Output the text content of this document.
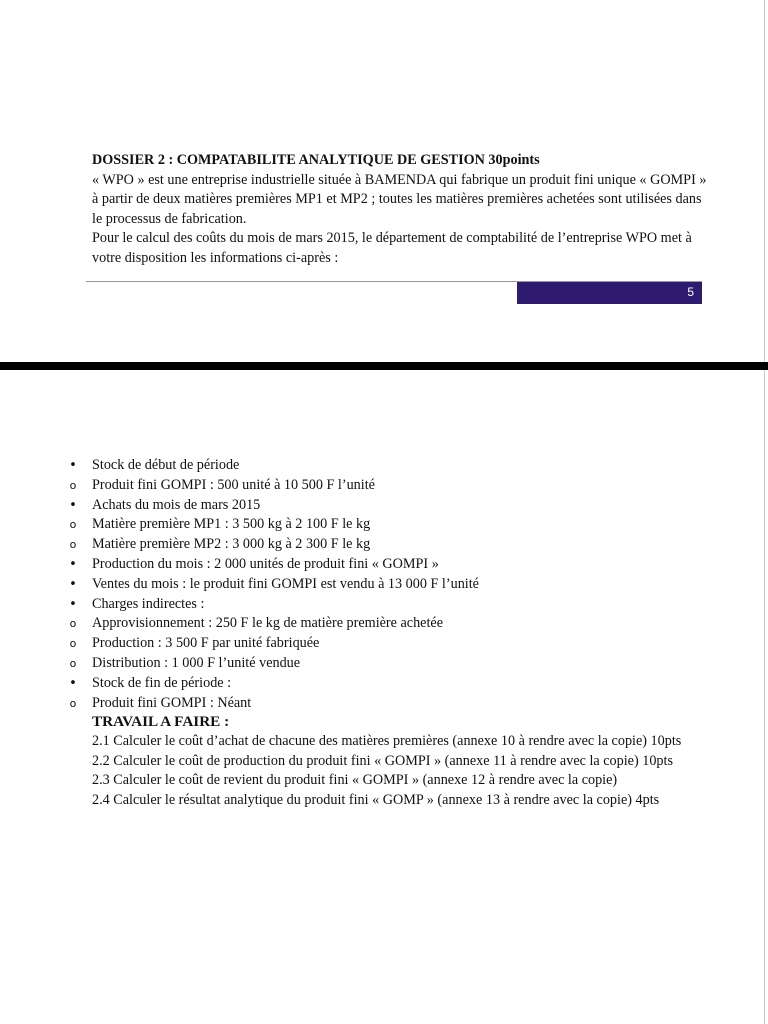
DOSSIER 2 : COMPATABILITE ANALYTIQUE DE GESTION 30points

« WPO » est une entreprise industrielle située à BAMENDA qui fabrique un produit fini unique « GOMPI » à partir de deux matières premières MP1 et MP2 ; toutes les matières premières achetées sont utilisées dans le processus de fabrication.

Pour le calcul des coûts du mois de mars 2015, le département de comptabilité de l’entreprise WPO met à votre disposition les informations ci-après :

5
• Stock de début de période
o Produit fini GOMPI : 500 unité à 10 500 F l’unité
• Achats du mois de mars 2015
o Matière première MP1 : 3 500 kg à 2 100 F le kg
o Matière première MP2 : 3 000 kg à 2 300 F le kg
• Production du mois : 2 000 unités de produit fini « GOMPI »
• Ventes du mois : le produit fini GOMPI est vendu à 13 000 F l’unité
• Charges indirectes :
o Approvisionnement : 250 F le kg de matière première achetée
o Production : 3 500 F par unité fabriquée
o Distribution : 1 000 F l’unité vendue
• Stock de fin de période :
o Produit fini GOMPI : Néant
TRAVAIL A FAIRE :

2.1 Calculer le coût d’achat de chacune des matières premières (annexe 10 à rendre avec la copie) 10pts

2.2 Calculer le coût de production du produit fini « GOMPI » (annexe 11 à rendre avec la copie) 10pts

2.3 Calculer le coût de revient du produit fini « GOMPI » (annexe 12 à rendre avec la copie)

2.4 Calculer le résultat analytique du produit fini « GOMP » (annexe 13 à rendre avec la copie) 4pts
